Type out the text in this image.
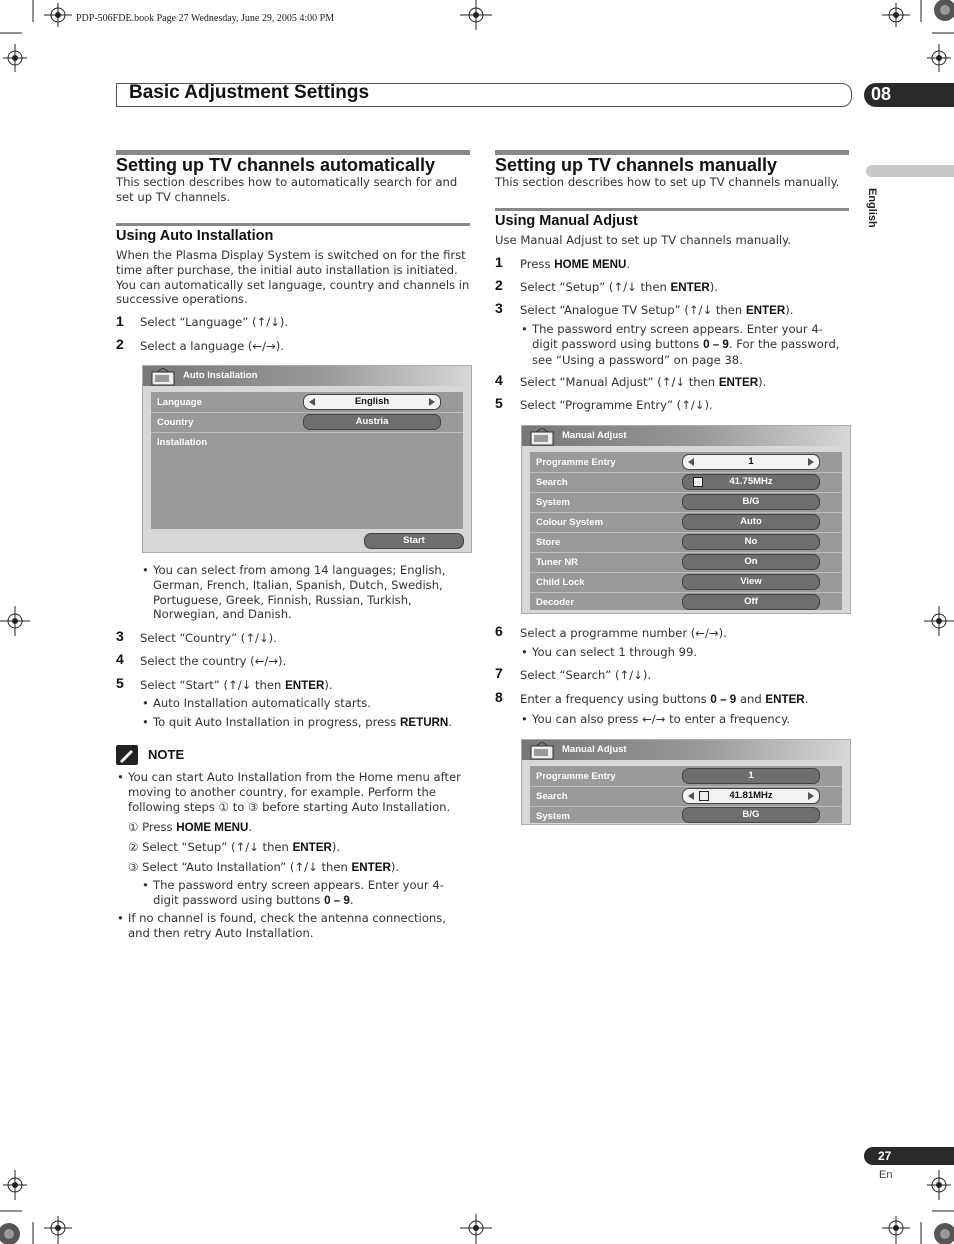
PDP-506FDE.book Page 27 Wednesday, June 29, 2005 4:00 PM
Basic Adjustment Settings	08
English
Setting up TV channels automatically
This section describes how to automatically search for and set up TV channels.
Using Auto Installation
When the Plasma Display System is switched on for the first time after purchase, the initial auto installation is initiated. You can automatically set language, country and channels in successive operations.
1 Select “Language” (↑/↓).
2 Select a language (←/→).
Auto Installation
Language	English
Country	Austria
Installation
Start
• You can select from among 14 languages; English, German, French, Italian, Spanish, Dutch, Swedish, Portuguese, Greek, Finnish, Russian, Turkish, Norwegian, and Danish.
3 Select “Country” (↑/↓).
4 Select the country (←/→).
5 Select “Start” (↑/↓ then ENTER).
• Auto Installation automatically starts.
• To quit Auto Installation in progress, press RETURN.
NOTE
• You can start Auto Installation from the Home menu after moving to another country, for example. Perform the following steps ① to ③ before starting Auto Installation.
① Press HOME MENU.
② Select “Setup” (↑/↓ then ENTER).
③ Select “Auto Installation” (↑/↓ then ENTER).
• The password entry screen appears. Enter your 4-digit password using buttons 0 – 9.
• If no channel is found, check the antenna connections, and then retry Auto Installation.
Setting up TV channels manually
This section describes how to set up TV channels manually.
Using Manual Adjust
Use Manual Adjust to set up TV channels manually.
1 Press HOME MENU.
2 Select “Setup” (↑/↓ then ENTER).
3 Select “Analogue TV Setup” (↑/↓ then ENTER).
• The password entry screen appears. Enter your 4-digit password using buttons 0 – 9. For the password, see “Using a password” on page 38.
4 Select “Manual Adjust” (↑/↓ then ENTER).
5 Select “Programme Entry” (↑/↓).
Manual Adjust
Programme Entry	1
Search	41.75MHz
System	B/G
Colour System	Auto
Store	No
Tuner NR	On
Child Lock	View
Decoder	Off
6 Select a programme number (←/→).
• You can select 1 through 99.
7 Select “Search” (↑/↓).
8 Enter a frequency using buttons 0 – 9 and ENTER.
• You can also press ←/→ to enter a frequency.
Manual Adjust
Programme Entry	1
Search	41.81MHz
System	B/G
27
En
